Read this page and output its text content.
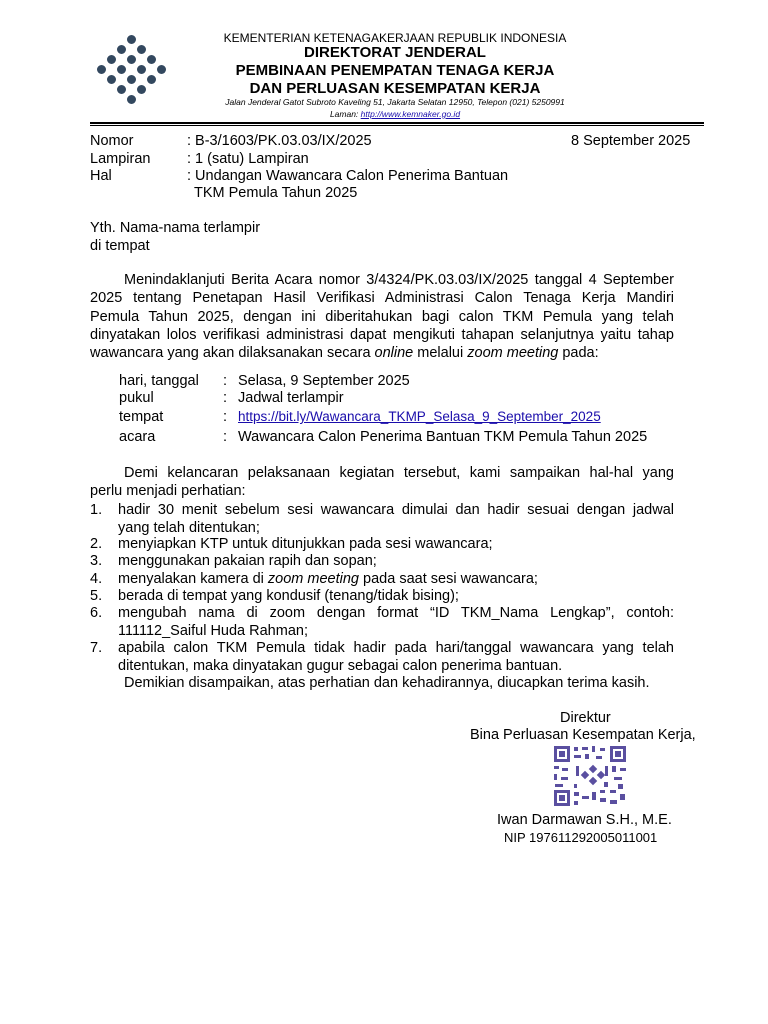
KEMENTERIAN KETENAGAKERJAAN REPUBLIK INDONESIA
DIREKTORAT JENDERAL
PEMBINAAN PENEMPATAN TENAGA KERJA
DAN PERLUASAN KESEMPATAN KERJA
Jalan Jenderal Gatot Subroto Kaveling 51, Jakarta Selatan 12950, Telepon (021) 5250991
Laman: http://www.kemnaker.go.id
Nomor	: B-3/1603/PK.03.03/IX/2025	8 September 2025
Lampiran	: 1 (satu) Lampiran
Hal	: Undangan Wawancara Calon Penerima Bantuan
TKM Pemula Tahun 2025
Yth. Nama-nama terlampir
di tempat
Menindaklanjuti Berita Acara nomor 3/4324/PK.03.03/IX/2025 tanggal 4 September
2025 tentang Penetapan Hasil Verifikasi Administrasi Calon Tenaga Kerja Mandiri
Pemula Tahun 2025, dengan ini diberitahukan bagi calon TKM Pemula yang telah
dinyatakan lolos verifikasi administrasi dapat mengikuti tahapan selanjutnya yaitu tahap
wawancara yang akan dilaksanakan secara online melalui zoom meeting pada:
hari, tanggal : Selasa, 9 September 2025
pukul	: Jadwal terlampir
tempat	: https://bit.ly/Wawancara_TKMP_Selasa_9_September_2025
acara	: Wawancara Calon Penerima Bantuan TKM Pemula Tahun 2025
Demi kelancaran pelaksanaan kegiatan tersebut, kami sampaikan hal-hal yang
perlu menjadi perhatian:
1. hadir 30 menit sebelum sesi wawancara dimulai dan hadir sesuai dengan jadwal
yang telah ditentukan;
2. menyiapkan KTP untuk ditunjukkan pada sesi wawancara;
3. menggunakan pakaian rapih dan sopan;
4. menyalakan kamera di zoom meeting pada saat sesi wawancara;
5. berada di tempat yang kondusif (tenang/tidak bising);
6. mengubah nama di zoom dengan format “ID TKM_Nama Lengkap”, contoh:
111112_Saiful Huda Rahman;
7. apabila calon TKM Pemula tidak hadir pada hari/tanggal wawancara yang telah
ditentukan, maka dinyatakan gugur sebagai calon penerima bantuan.
Demikian disampaikan, atas perhatian dan kehadirannya, diucapkan terima kasih.
Direktur
Bina Perluasan Kesempatan Kerja,
Iwan Darmawan S.H., M.E.
NIP 197611292005011001
